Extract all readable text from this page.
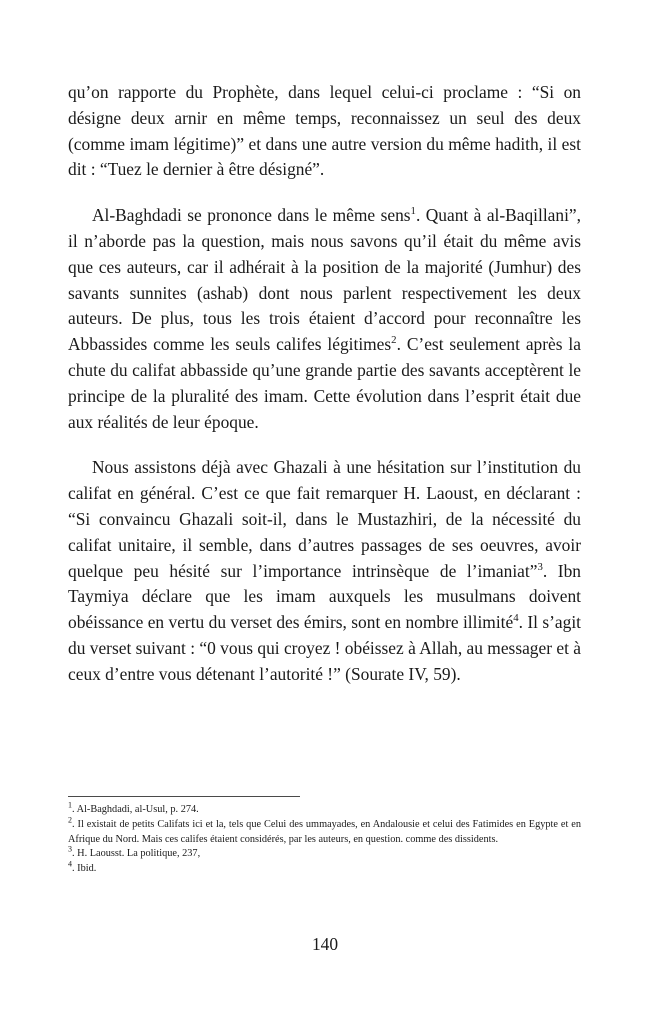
qu’on rapporte du Prophète, dans lequel celui-ci proclame : “Si on désigne deux arnir en même temps, reconnaissez un seul des deux (comme imam légitime)” et dans une autre version du même hadith, il est dit : “Tuez le dernier à être désigné”.

Al-Baghdadi se prononce dans le même sens$^1$. Quant à al-Baqillani”, il n’aborde pas la question, mais nous savons qu’il était du même avis que ces auteurs, car il adhérait à la position de la majorité (Jumhur) des savants sunnites (ashab) dont nous parlent respectivement les deux auteurs. De plus, tous les trois étaient d’accord pour reconnaître les Abbassides comme les seuls califes légitimes$^2$. C’est seulement après la chute du califat abbasside qu’une grande partie des savants acceptèrent le principe de la pluralité des imam. Cette évolution dans l’esprit était due aux réalités de leur époque.

Nous assistons déjà avec Ghazali à une hésitation sur l’institution du califat en général. C’est ce que fait remarquer H. Laoust, en déclarant : “Si convaincu Ghazali soit-il, dans le Mustazhiri, de la nécessité du califat unitaire, il semble, dans d’autres passages de ses oeuvres, avoir quelque peu hésité sur l’importance intrinsèque de l’imaniat”$^3$. Ibn Taymiya déclare que les imam auxquels les musulmans doivent obéissance en vertu du verset des émirs, sont en nombre illimité$^4$. Il s’agit du verset suivant : “0 vous qui croyez ! obéissez à Allah, au messager et à ceux d’entre vous détenant l’autorité !” (Sourate IV, 59).

$^1$. Al-Baghdadi, al-Usul, p. 274.

$^2$. Il existait de petits Califats ici et la, tels que Celui des ummayades, en Andalousie et celui des Fatimides en Egypte et en Afrique du Nord. Mais ces califes étaient considérés, par les auteurs, en question. comme des dissidents.

$^3$. H. Laousst. La politique, 237,

$^4$. Ibid.

140
